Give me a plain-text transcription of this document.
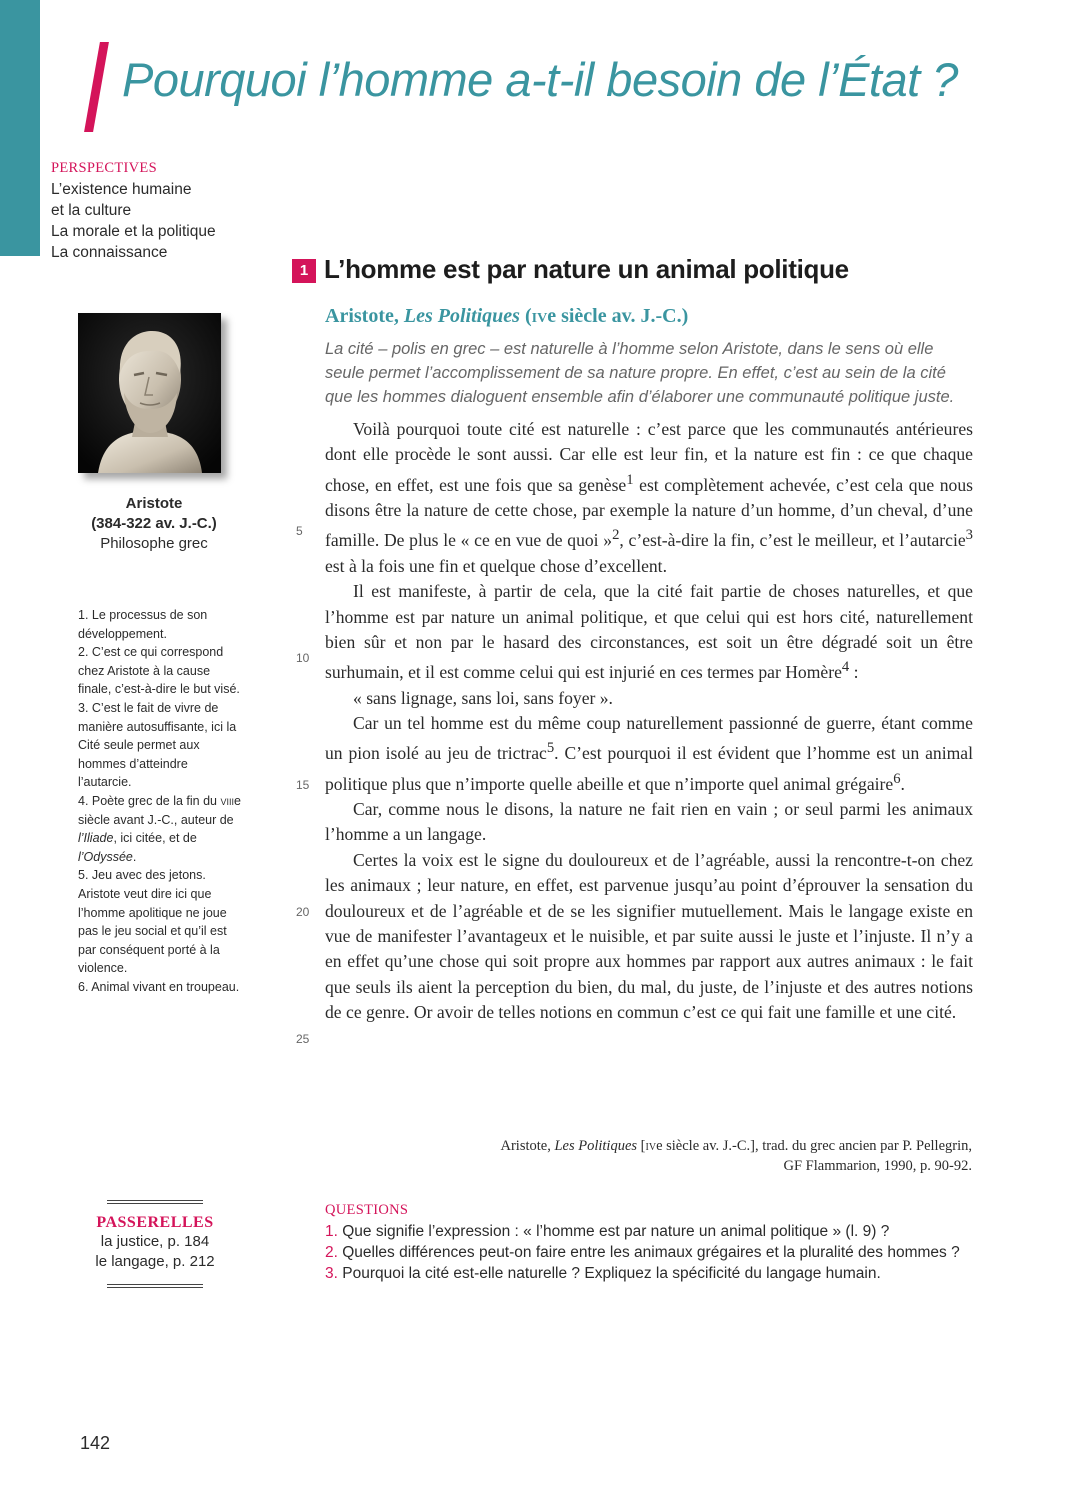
Pourquoi l’homme a-t-il besoin de l’État ?
PERSPECTIVES
L’existence humaine
et la culture
La morale et la politique
La connaissance
Aristote
(384-322 av. J.-C.)
Philosophe grec

1. Le processus de son développement.

2. C’est ce qui correspond chez Aristote à la cause finale, c’est-à-dire le but visé.

3. C’est le fait de vivre de manière autosuffisante, ici la Cité seule permet aux hommes d’atteindre l’autarcie.

4. Poète grec de la fin du viiie siècle avant J.-C., auteur de l’Iliade, ici citée, et de l’Odyssée.

5. Jeu avec des jetons. Aristote veut dire ici que l’homme apolitique ne joue pas le jeu social et qu’il est par conséquent porté à la violence.

6. Animal vivant en troupeau.

1 L’homme est par nature un animal politique

Aristote, Les Politiques (ive siècle av. J.-C.)

La cité – polis en grec – est naturelle à l’homme selon Aristote, dans le sens où elle seule permet l’accomplissement de sa nature propre. En effet, c’est au sein de la cité que les hommes dialoguent ensemble afin d’élaborer une communauté politique juste.

Voilà pourquoi toute cité est naturelle : c’est parce que les communautés antérieures dont elle procède le sont aussi. Car elle est leur fin, et la nature est fin : ce que chaque chose, en effet, est une fois que sa genèse$^1$ est complètement achevée, c’est cela que nous disons être la nature de cette chose, par exemple la nature d’un homme, d’un cheval, d’une famille. De plus le « ce en vue de quoi »$^2$, c’est-à-dire la fin, c’est le meilleur, et l’autarcie$^3$ est à la fois une fin et quelque chose d’excellent.

Il est manifeste, à partir de cela, que la cité fait partie de choses naturelles, et que l’homme est par nature un animal politique, et que celui qui est hors cité, naturellement bien sûr et non par le hasard des circonstances, est soit un être dégradé soit un être surhumain, et il est comme celui qui est injurié en ces termes par Homère$^4$ :

« sans lignage, sans loi, sans foyer ».

Car un tel homme est du même coup naturellement passionné de guerre, étant comme un pion isolé au jeu de trictrac$^5$. C’est pourquoi il est évident que l’homme est un animal politique plus que n’importe quelle abeille et que n’importe quel animal grégaire$^6$.

Car, comme nous le disons, la nature ne fait rien en vain ; or seul parmi les animaux l’homme a un langage.

Certes la voix est le signe du douloureux et de l’agréable, aussi la rencontre-t-on chez les animaux ; leur nature, en effet, est parvenue jusqu’au point d’éprouver la sensation du douloureux et de l’agréable et de se les signifier mutuellement. Mais le langage existe en vue de manifester l’avantageux et le nuisible, et par suite aussi le juste et l’injuste. Il n’y a en effet qu’une chose qui soit propre aux hommes par rapport aux autres animaux : le fait que seuls ils aient la perception du bien, du mal, du juste, de l’injuste et des autres notions de ce genre. Or avoir de telles notions en commun c’est ce qui fait une famille et une cité.

5
10
15
20
25
Aristote, Les Politiques [ive siècle av. J.-C.], trad. du grec ancien par P. Pellegrin,
GF Flammarion, 1990, p. 90-92.
PASSERELLES
la justice, p. 184
le langage, p. 212
QUESTIONS
1. Que signifie l’expression : « l’homme est par nature un animal politique » (l. 9) ?
2. Quelles différences peut-on faire entre les animaux grégaires et la pluralité des hommes ?
3. Pourquoi la cité est-elle naturelle ? Expliquez la spécificité du langage humain.
142
